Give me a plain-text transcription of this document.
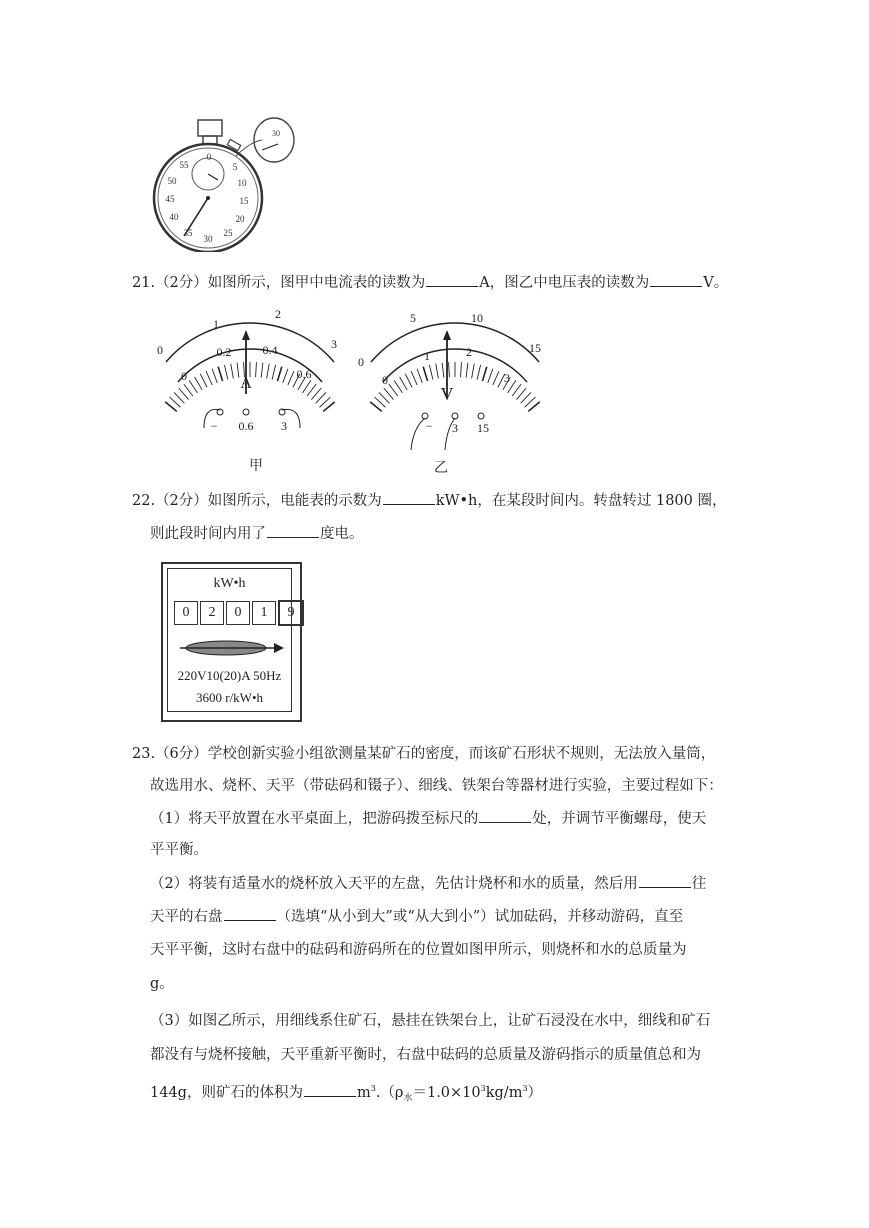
0
5
10
15
20
25
30
35
40
45
50
55
30
21.（2分）如图所示，图甲中电流表的读数为	A，图乙中电压表的读数为	V。
0
1
2
3
0
0.2	0.4
0.6
A
− 0.6 3
甲
0
5	10
15
0
1	2
3
V
− 3 15
乙
22.（2分）如图所示，电能表的示数为	kW•h，在某段时间内。转盘转过 1800 圈，
则此段时间内用了	度电。
kW•h
0 2 0 1 9
220V10(20)A 50Hz
3600 r/kW•h
23.（6分）学校创新实验小组欲测量某矿石的密度，而该矿石形状不规则，无法放入量筒，
故选用水、烧杯、天平（带砝码和镊子）、细线、铁架台等器材进行实验，主要过程如下：
（1）将天平放置在水平桌面上，把游码拨至标尺的	处，并调节平衡螺母，使天
平平衡。
（2）将装有适量水的烧杯放入天平的左盘，先估计烧杯和水的质量，然后用	往
天平的右盘	（选填“从小到大”或“从大到小”）试加砝码，并移动游码，直至
天平平衡，这时右盘中的砝码和游码所在的位置如图甲所示，则烧杯和水的总质量为
g。
（3）如图乙所示，用细线系住矿石，悬挂在铁架台上，让矿石浸没在水中，细线和矿石
都没有与烧杯接触，天平重新平衡时，右盘中砝码的总质量及游码指示的质量值总和为
144g，则矿石的体积为	$m^3.(\rho_水=1.0\times 10^3kg/m^3)$
